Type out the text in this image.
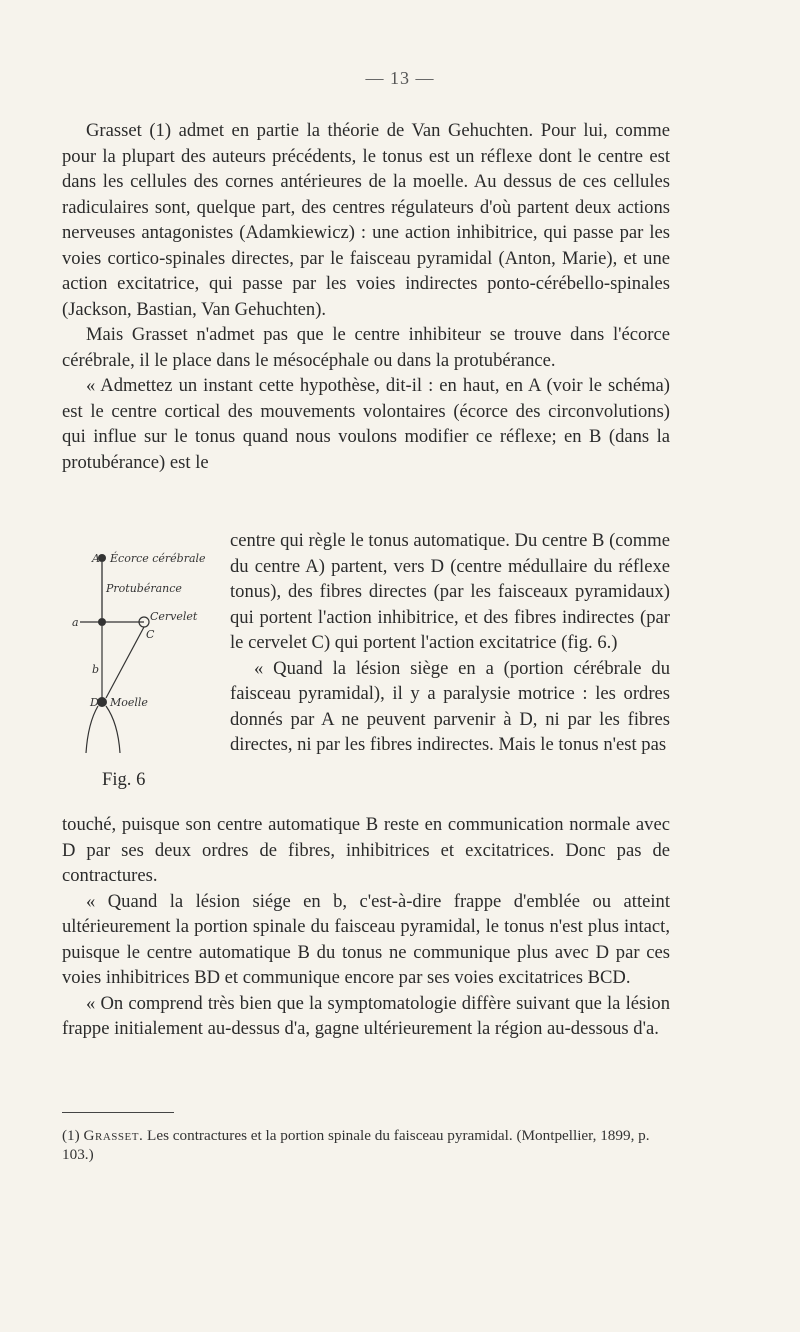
— 13 —

Grasset (1) admet en partie la théorie de Van Gehuchten. Pour lui, comme pour la plupart des auteurs précédents, le tonus est un réflexe dont le centre est dans les cellules des cornes antérieures de la moelle. Au dessus de ces cellules radiculaires sont, quelque part, des centres régulateurs d'où partent deux actions nerveuses antagonistes (Adamkiewicz) : une action inhibitrice, qui passe par les voies cortico-spinales directes, par le faisceau pyramidal (Anton, Marie), et une action excitatrice, qui passe par les voies indirectes ponto-cérébello-spinales (Jackson, Bastian, Van Gehuchten).

Mais Grasset n'admet pas que le centre inhibiteur se trouve dans l'écorce cérébrale, il le place dans le mésocéphale ou dans la protubérance.

« Admettez un instant cette hypothèse, dit-il : en haut, en A (voir le schéma) est le centre cortical des mouvements volontaires (écorce des circonvolutions) qui influe sur le tonus quand nous voulons modifier ce réflexe; en B (dans la protubérance) est le

centre qui règle le tonus automatique. Du centre B (comme du centre A) partent, vers D (centre médullaire du réflexe tonus), des fibres directes (par les faisceaux pyramidaux) qui portent l'action inhibitrice, et des fibres indirectes (par le cervelet C) qui portent l'action excitatrice (fig. 6.)

« Quand la lésion siège en a (portion cérébrale du faisceau pyramidal), il y a paralysie motrice : les ordres donnés par A ne peuvent parvenir à D, ni par les fibres directes, ni par les fibres indirectes. Mais le tonus n'est pas

A Écorce cérébrale
Protubérance
a	Cervelet
C
b
D Moelle
Fig. 6

touché, puisque son centre automatique B reste en communication normale avec D par ses deux ordres de fibres, inhibitrices et excitatrices. Donc pas de contractures.

« Quand la lésion siége en b, c'est-à-dire frappe d'emblée ou atteint ultérieurement la portion spinale du faisceau pyramidal, le tonus n'est plus intact, puisque le centre automatique B du tonus ne communique plus avec D par ces voies inhibitrices BD et communique encore par ses voies excitatrices BCD.

« On comprend très bien que la symptomatologie diffère suivant que la lésion frappe initialement au-dessus d'a, gagne ultérieurement la région au-dessous d'a.

(1) Grasset. Les contractures et la portion spinale du faisceau pyramidal. (Montpellier, 1899, p. 103.)
